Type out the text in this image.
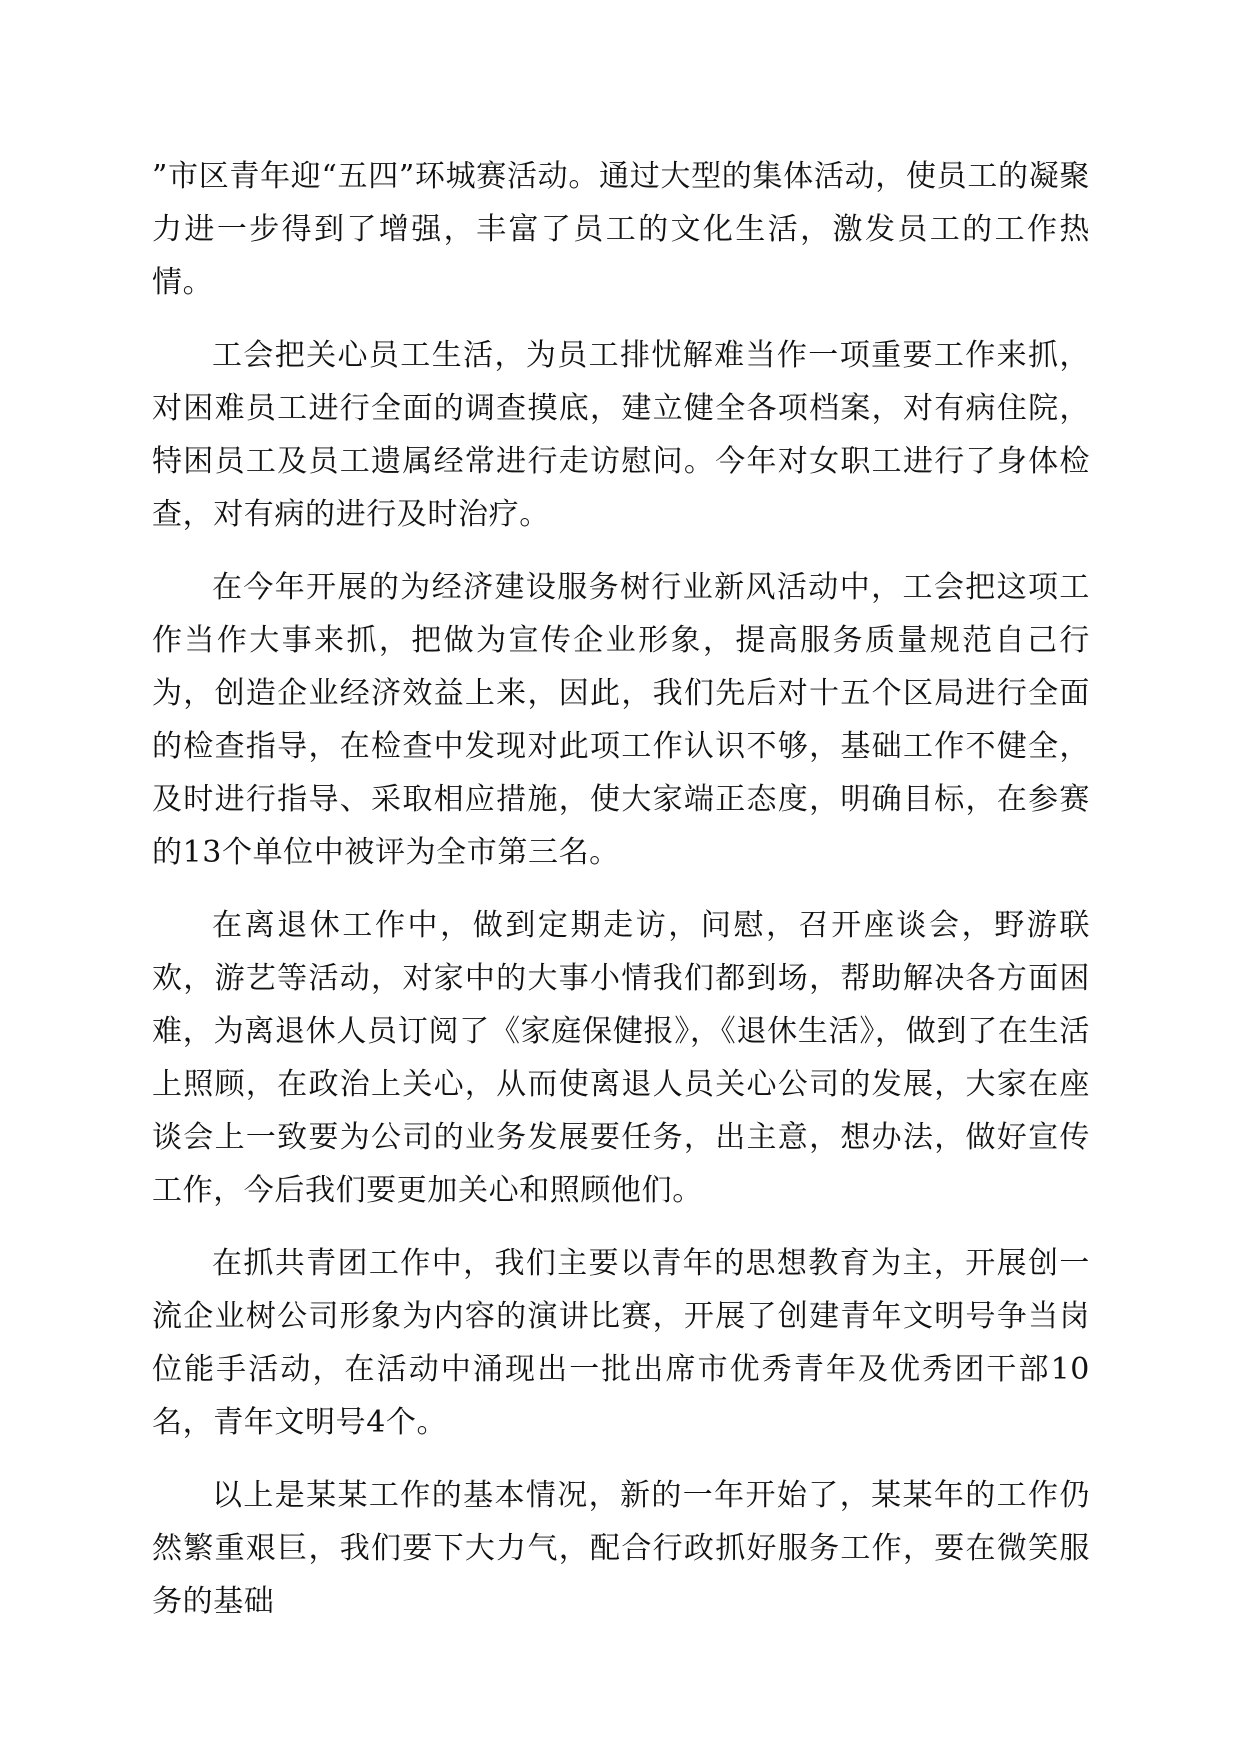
”市区青年迎“五四”环城赛活动。通过大型的集体活动，使员工的凝聚力进一步得到了增强，丰富了员工的文化生活，激发员工的工作热情。

工会把关心员工生活，为员工排忧解难当作一项重要工作来抓，对困难员工进行全面的调查摸底，建立健全各项档案，对有病住院，特困员工及员工遗属经常进行走访慰问。今年对女职工进行了身体检查，对有病的进行及时治疗。

在今年开展的为经济建设服务树行业新风活动中，工会把这项工作当作大事来抓，把做为宣传企业形象，提高服务质量规范自己行为，创造企业经济效益上来，因此，我们先后对十五个区局进行全面的检查指导，在检查中发现对此项工作认识不够，基础工作不健全，及时进行指导、采取相应措施，使大家端正态度，明确目标，在参赛的13个单位中被评为全市第三名。

在离退休工作中，做到定期走访，问慰，召开座谈会，野游联欢，游艺等活动，对家中的大事小情我们都到场，帮助解决各方面困难，为离退休人员订阅了《家庭保健报》，《退休生活》，做到了在生活上照顾，在政治上关心，从而使离退人员关心公司的发展，大家在座谈会上一致要为公司的业务发展要任务，出主意，想办法，做好宣传工作，今后我们要更加关心和照顾他们。

在抓共青团工作中，我们主要以青年的思想教育为主，开展创一流企业树公司形象为内容的演讲比赛，开展了创建青年文明号争当岗位能手活动，在活动中涌现出一批出席市优秀青年及优秀团干部10名，青年文明号4个。

以上是某某工作的基本情况，新的一年开始了，某某年的工作仍然繁重艰巨，我们要下大力气，配合行政抓好服务工作，要在微笑服务的基础
